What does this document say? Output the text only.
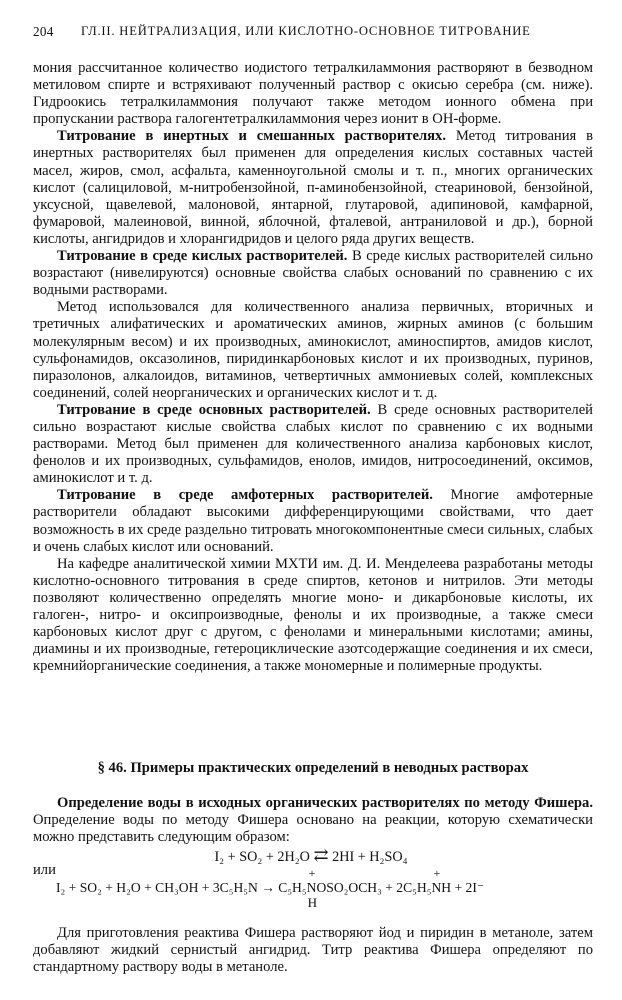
204 ГЛ.II. НЕЙТРАЛИЗАЦИЯ, ИЛИ КИСЛОТНО-ОСНОВНОЕ ТИТРОВАНИЕ

мония рассчитанное количество иодистого тетралкиламмония растворяют в безводном метиловом спирте и встряхивают полученный раствор с окисью серебра (см. ниже). Гидроокись тетралкиламмония получают также методом ионного обмена при пропускании раствора галогентетралкиламмония через ионит в ОН-форме.

Титрование в инертных и смешанных растворителях. Метод титрования в инертных растворителях был применен для определения кислых составных частей масел, жиров, смол, асфальта, каменноугольной смолы и т. п., многих органических кислот (салициловой, м-нитробензойной, п-аминобензойной, стеариновой, бензойной, уксусной, щавелевой, малоновой, янтарной, глутаровой, адипиновой, камфарной, фумаровой, малеиновой, винной, яблочной, фталевой, антраниловой и др.), борной кислоты, ангидридов и хлорангидридов и целого ряда других веществ.

Титрование в среде кислых растворителей. В среде кислых растворителей сильно возрастают (нивелируются) основные свойства слабых оснований по сравнению с их водными растворами.

Метод использовался для количественного анализа первичных, вторичных и третичных алифатических и ароматических аминов, жирных аминов (с большим молекулярным весом) и их производных, аминокислот, аминоспиртов, амидов кислот, сульфонамидов, оксазолинов, пиридинкарбоновых кислот и их производных, пуринов, пиразолонов, алкалоидов, витаминов, четвертичных аммониевых солей, комплексных соединений, солей неорганических и органических кислот и т. д.

Титрование в среде основных растворителей. В среде основных растворителей сильно возрастают кислые свойства слабых кислот по сравнению с их водными растворами. Метод был применен для количественного анализа карбоновых кислот, фенолов и их производных, сульфамидов, енолов, имидов, нитросоединений, оксимов, аминокислот и т. д.

Титрование в среде амфотерных растворителей. Многие амфотерные растворители обладают высокими дифференцирующими свойствами, что дает возможность в их среде раздельно титровать многокомпонентные смеси сильных, слабых и очень слабых кислот или оснований.

На кафедре аналитической химии МХТИ им. Д. И. Менделеева разработаны методы кислотно-основного титрования в среде спиртов, кетонов и нитрилов. Эти методы позволяют количественно определять многие моно- и дикарбоновые кислоты, их галоген-, нитро- и оксипроизводные, фенолы и их производные, а также смеси карбоновых кислот друг с другом, с фенолами и минеральными кислотами; амины, диамины и их производные, гетероциклические азотсодержащие соединения и их смеси, кремнийорганические соединения, а также мономерные и полимерные продукты.

§ 46. Примеры практических определений в неводных растворах

Определение воды в исходных органических растворителях по методу Фишера. Определение воды по методу Фишера основано на реакции, которую схематически можно представить следующим образом:

I₂ + SO₂ + 2H₂O ⇄ 2HI + H₂SO₄
или
I₂ + SO₂ + H₂O + CH₃OH + 3C₅H₅N → C₅H₅
+
N
H
OSO₂OCH₃ + 2C₅H₅
+
NH + 2I⁻

Для приготовления реактива Фишера растворяют йод и пиридин в метаноле, затем добавляют жидкий сернистый ангидрид. Титр реактива Фишера определяют по стандартному раствору воды в метаноле.
